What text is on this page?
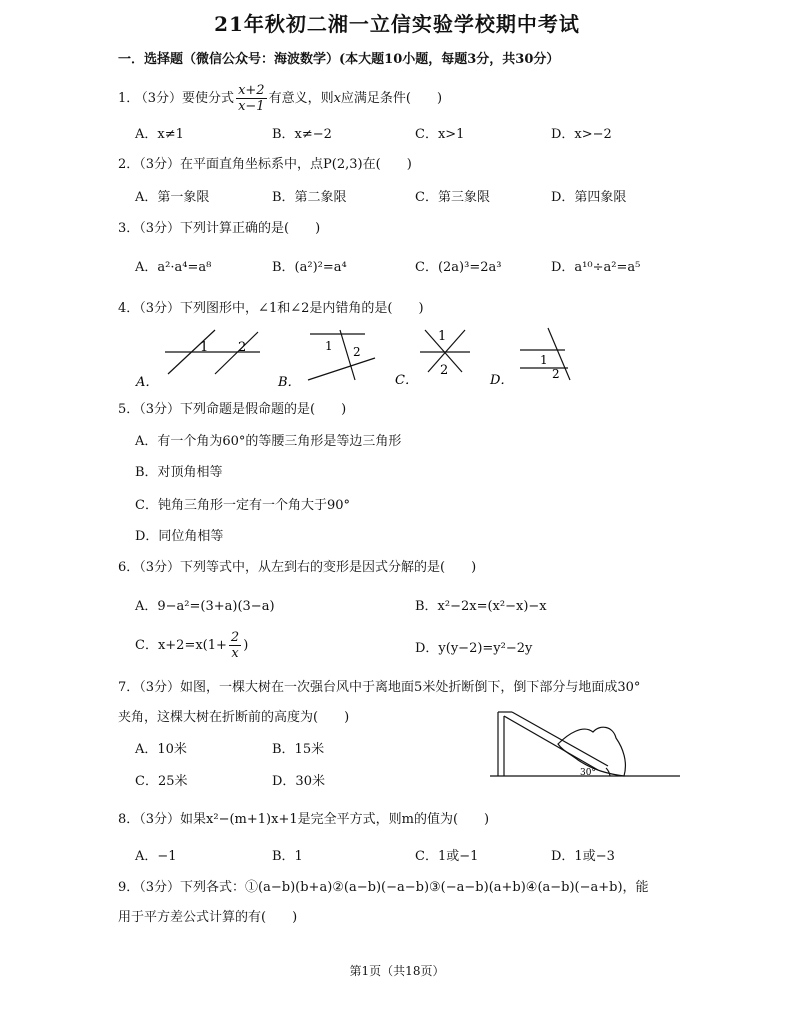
21年秋初二湘一立信实验学校期中考试
一．选择题（微信公众号：海波数学）(本大题10小题，每题3分，共30分）
1． （3分）要使分式 $\frac{x+2}{x-1}$ 有意义，则x应满足条件(　　)
A．x≠1	B．x≠−2	C．x>1	D．x>−2
2．（3分）在平面直角坐标系中，点P(2,3)在(　　)
A．第一象限	B．第二象限	C．第三象限	D．第四象限
3．（3分）下列计算正确的是(　　)
A．a²·a⁴=a⁸	B．(a²)²=a⁴	C．(2a)³=2a³	D．a¹⁰÷a²=a⁵
4．（3分）下列图形中，∠1和∠2是内错角的是(　　)
1 2
A．
1 2
B．
1
2
C．
1
2
D．
5．（3分）下列命题是假命题的是(　　)
A．有一个角为60°的等腰三角形是等边三角形
B．对顶角相等
C．钝角三角形一定有一个角大于90°
D．同位角相等
6．（3分）下列等式中，从左到右的变形是因式分解的是(　　)
A．9−a²=(3+a)(3−a)	B．x²−2x=(x²−x)−x
C．$x+2=x(1+ \frac{2}{x}$ )	D．y(y−2)=y²−2y
7．（3分）如图，一棵大树在一次强台风中于离地面5米处折断倒下，倒下部分与地面成30°
夹角，这棵大树在折断前的高度为(　　)
A．10米	B．15米
C．25米	D．30米
30°
8．（3分）如果x²−(m+1)x+1是完全平方式，则m的值为(　　)
A．−1	B．1	C．1或−1	D．1或−3
9．（3分）下列各式：①(a−b)(b+a)②(a−b)(−a−b)③(−a−b)(a+b)④(a−b)(−a+b)，能
用于平方差公式计算的有(　　)
第1页（共18页）
